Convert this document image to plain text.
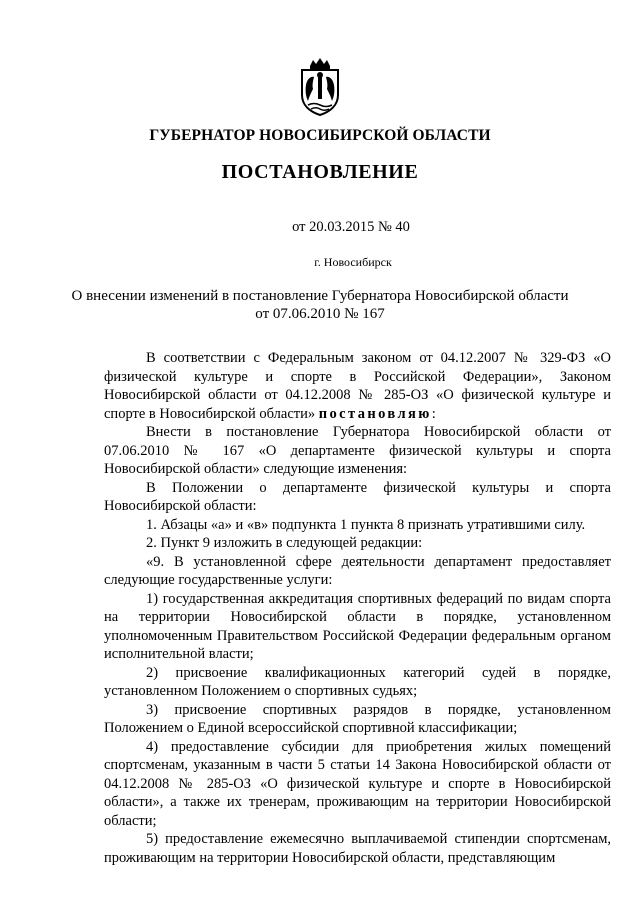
ГУБЕРНАТОР НОВОСИБИРСКОЙ ОБЛАСТИ
ПОСТАНОВЛЕНИЕ
от 20.03.2015 № 40
г. Новосибирск
О внесении изменений в постановление Губернатора Новосибирской области
от 07.06.2010 № 167

В соответствии с Федеральным законом от 04.12.2007 № 329-ФЗ «О физической культуре и спорте в Российской Федерации», Законом Новосибирской области от 04.12.2008 № 285-ОЗ «О физической культуре и спорте в Новосибирской области» постановляю:

Внести в постановление Губернатора Новосибирской области от 07.06.2010 № 167 «О департаменте физической культуры и спорта Новосибирской области» следующие изменения:

В Положении о департаменте физической культуры и спорта Новосибирской области:

1. Абзацы «а» и «в» подпункта 1 пункта 8 признать утратившими силу.

2. Пункт 9 изложить в следующей редакции:

«9. В установленной сфере деятельности департамент предоставляет следующие государственные услуги:

1) государственная аккредитация спортивных федераций по видам спорта на территории Новосибирской области в порядке, установленном уполномоченным Правительством Российской Федерации федеральным органом исполнительной власти;

2) присвоение квалификационных категорий судей в порядке, установленном Положением о спортивных судьях;

3) присвоение спортивных разрядов в порядке, установленном Положением о Единой всероссийской спортивной классификации;

4) предоставление субсидии для приобретения жилых помещений спортсменам, указанным в части 5 статьи 14 Закона Новосибирской области от 04.12.2008 № 285-ОЗ «О физической культуре и спорте в Новосибирской области», а также их тренерам, проживающим на территории Новосибирской области;

5) предоставление ежемесячно выплачиваемой стипендии спортсменам, проживающим на территории Новосибирской области, представляющим
